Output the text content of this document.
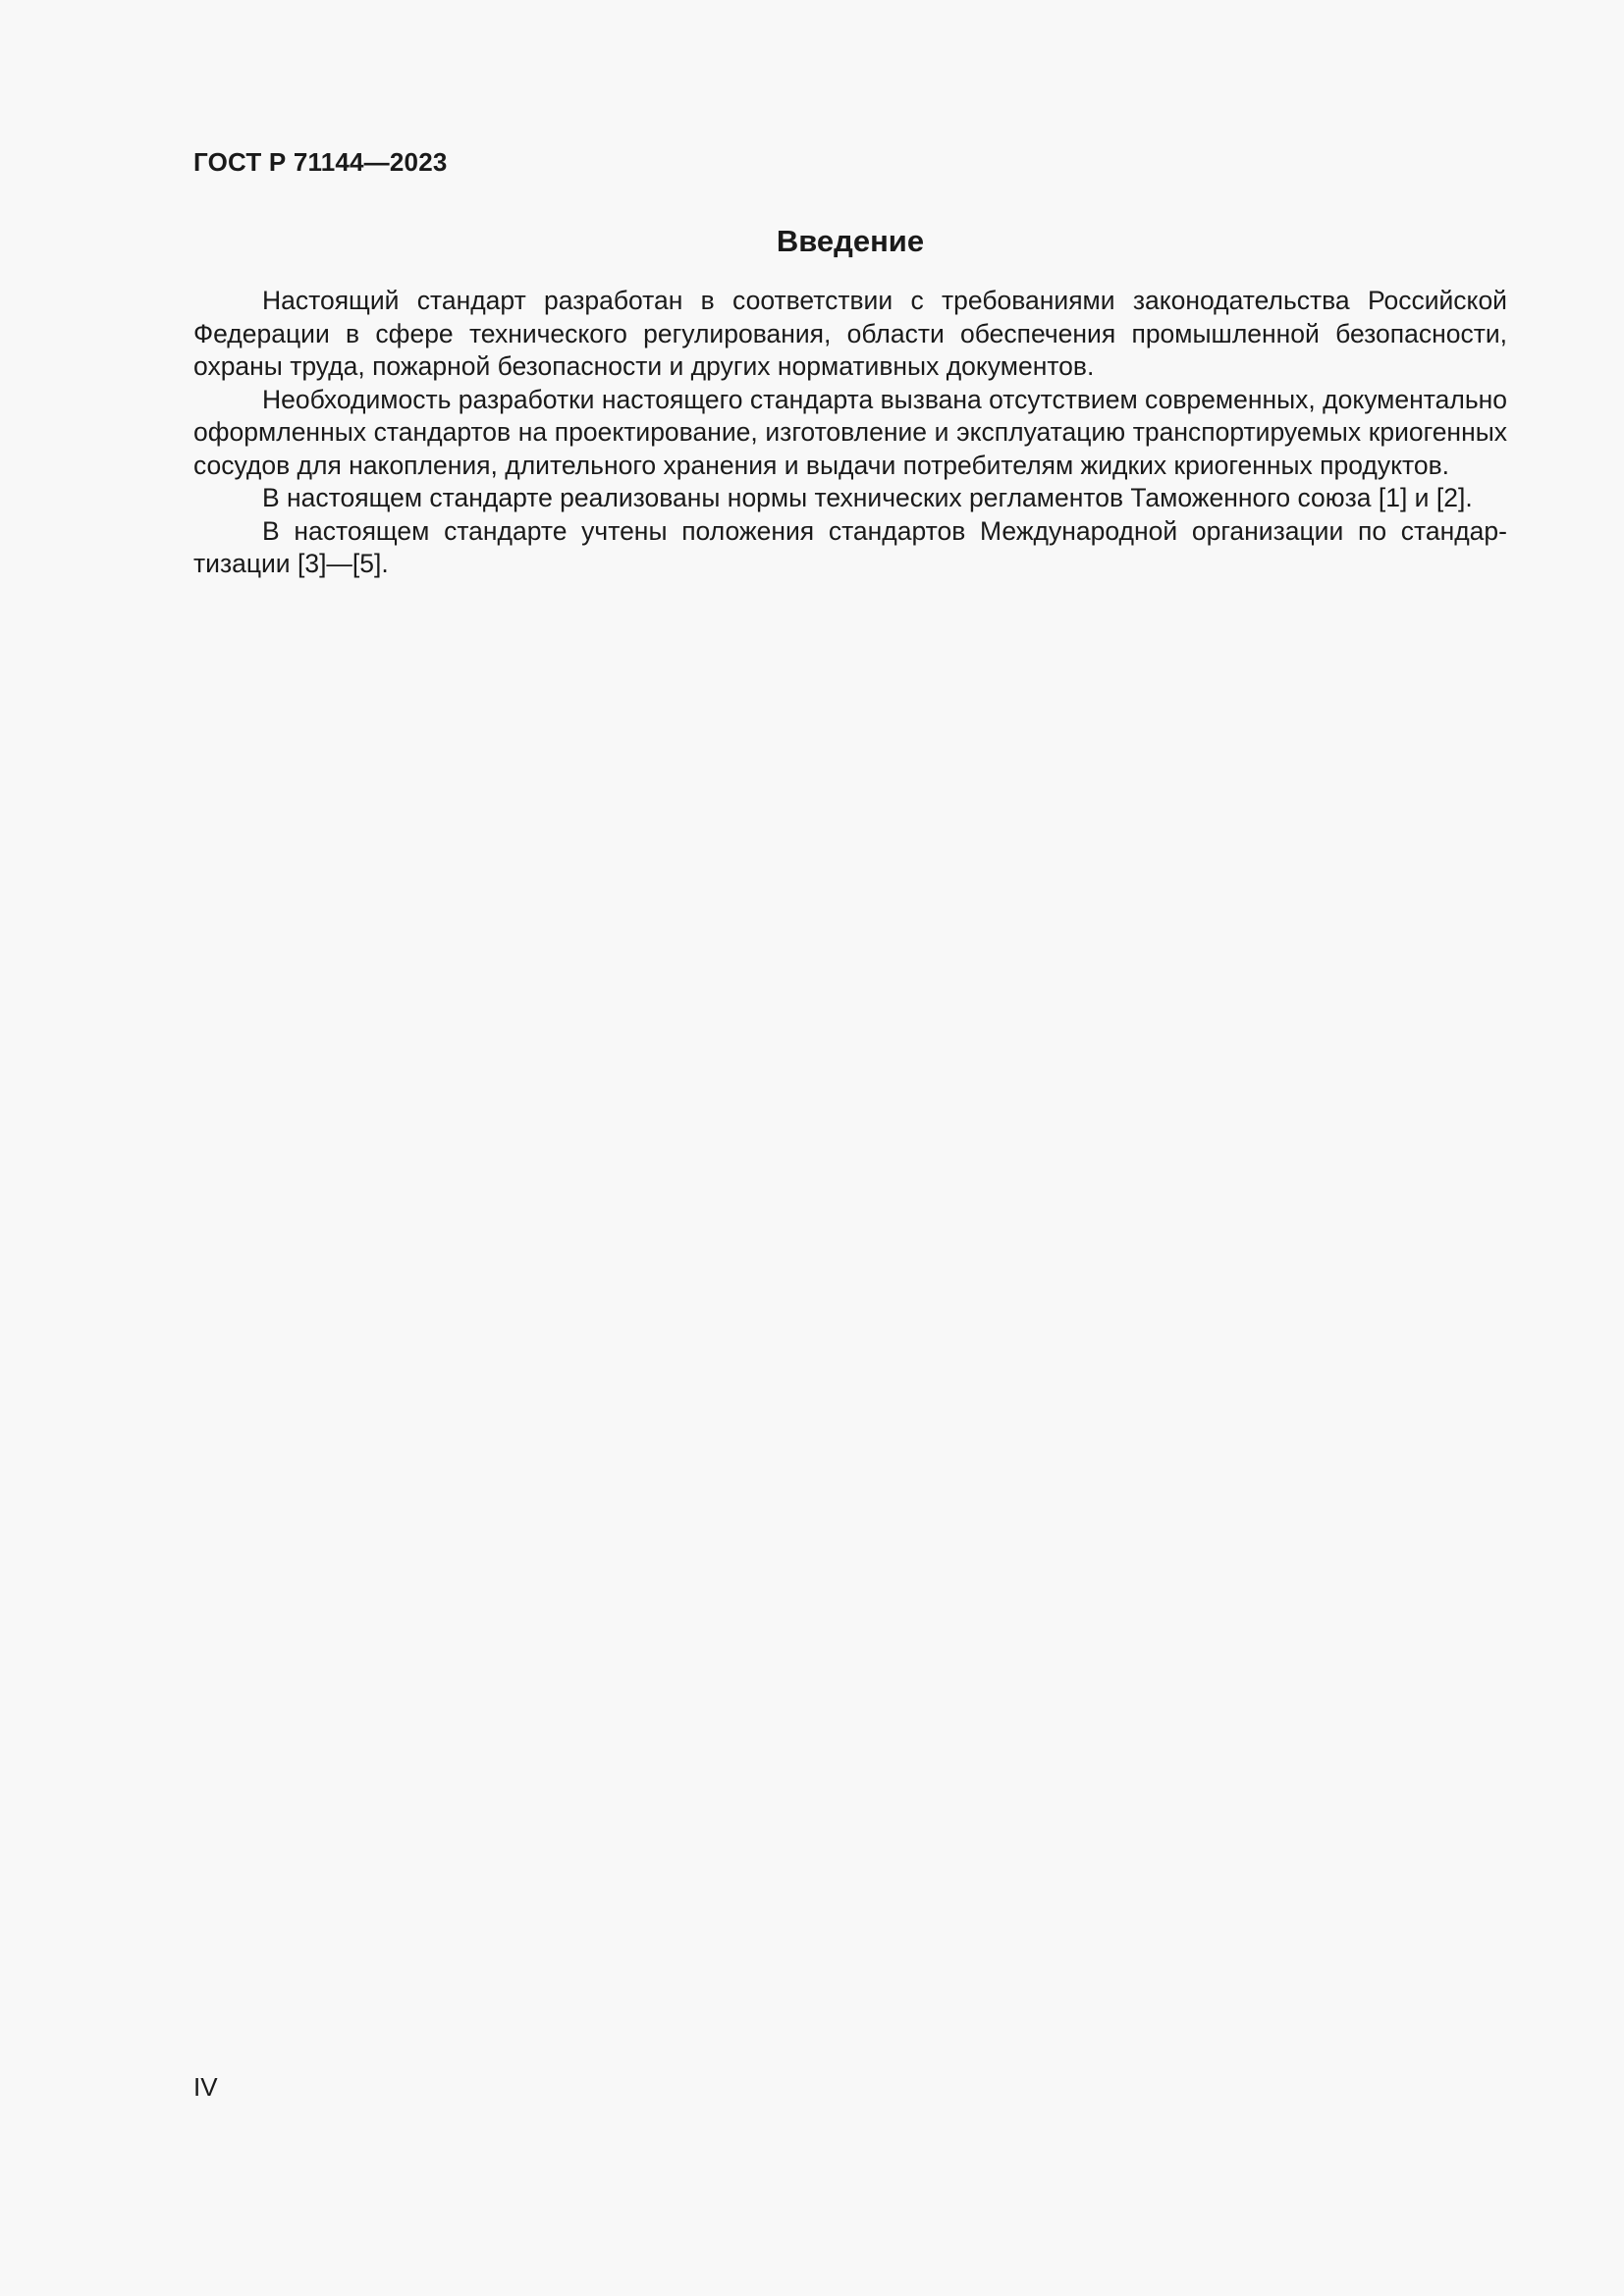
ГОСТ Р 71144—2023
Введение

Настоящий стандарт разработан в соответствии с требованиями законодательства Российской Федерации в сфере технического регулирования, области обеспечения промышленной безопасности, охраны труда, пожарной безопасности и других нормативных документов.

Необходимость разработки настоящего стандарта вызвана отсутствием современных, документально оформленных стандартов на проектирование, изготовление и эксплуатацию транспортируемых криогенных сосудов для накопления, длительного хранения и выдачи потребителям жидких криогенных продуктов.

В настоящем стандарте реализованы нормы технических регламентов Таможенного союза [1] и [2].

В настоящем стандарте учтены положения стандартов Международной организации по стандартизации [3]—[5].

IV
